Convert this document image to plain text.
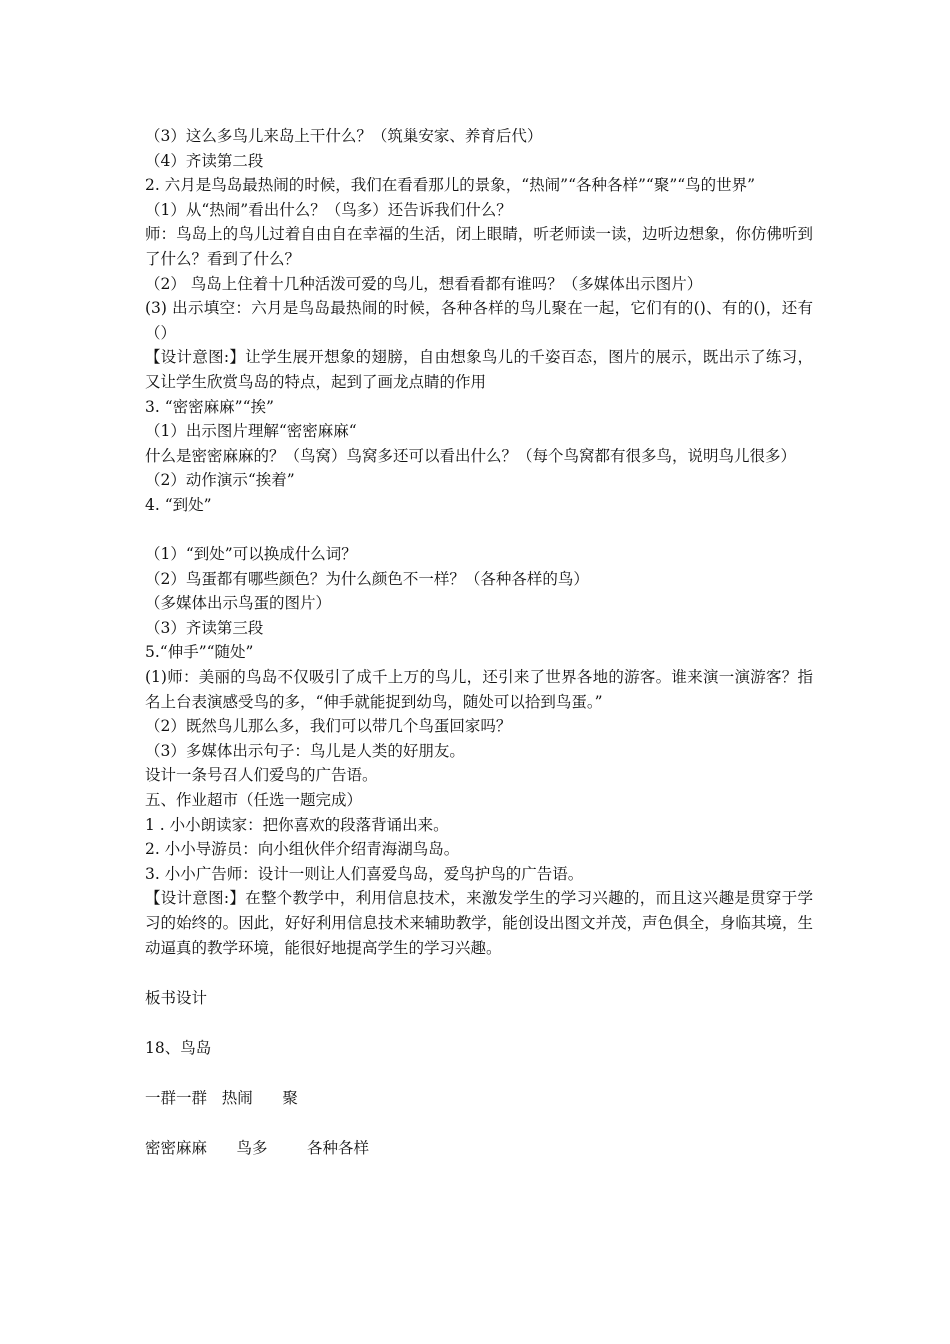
（3）这么多鸟儿来岛上干什么？（筑巢安家、养育后代）
（4）齐读第二段
2. 六月是鸟岛最热闹的时候，我们在看看那儿的景象，“热闹”“各种各样”“聚”“鸟的世界”
（1）从“热闹”看出什么？（鸟多）还告诉我们什么？
师：鸟岛上的鸟儿过着自由自在幸福的生活，闭上眼睛，听老师读一读，边听边想象，你仿佛听到了什么？看到了什么？
（2） 鸟岛上住着十几种活泼可爱的鸟儿，想看看都有谁吗？（多媒体出示图片）
(3) 出示填空：六月是鸟岛最热闹的时候，各种各样的鸟儿聚在一起，它们有的()、有的()，还有（）
【设计意图:】让学生展开想象的翅膀，自由想象鸟儿的千姿百态，图片的展示，既出示了练习，又让学生欣赏鸟岛的特点，起到了画龙点睛的作用
3. “密密麻麻”“挨”
（1）出示图片理解“密密麻麻“
什么是密密麻麻的？（鸟窝）鸟窝多还可以看出什么？（每个鸟窝都有很多鸟，说明鸟儿很多）
（2）动作演示“挨着”
4. “到处”
（1）“到处”可以换成什么词？
（2）鸟蛋都有哪些颜色？为什么颜色不一样？（各种各样的鸟）
（多媒体出示鸟蛋的图片）
（3）齐读第三段
5.“伸手”“随处”
(1)师：美丽的鸟岛不仅吸引了成千上万的鸟儿，还引来了世界各地的游客。谁来演一演游客？指名上台表演感受鸟的多，“伸手就能捉到幼鸟，随处可以拾到鸟蛋。”
（2）既然鸟儿那么多，我们可以带几个鸟蛋回家吗？
（3）多媒体出示句子：鸟儿是人类的好朋友。
设计一条号召人们爱鸟的广告语。
五、作业超市（任选一题完成）
1 . 小小朗读家：把你喜欢的段落背诵出来。
2. 小小导游员：向小组伙伴介绍青海湖鸟岛。
3. 小小广告师：设计一则让人们喜爱鸟岛，爱鸟护鸟的广告语。
【设计意图:】在整个教学中，利用信息技术，来激发学生的学习兴趣的，而且这兴趣是贯穿于学习的始终的。因此，好好利用信息技术来辅助教学，能创设出图文并茂，声色俱全，身临其境，生动逼真的教学环境，能很好地提高学生的学习兴趣。
板书设计
18、鸟岛
一群一群   热闹      聚
密密麻麻      鸟多        各种各样
